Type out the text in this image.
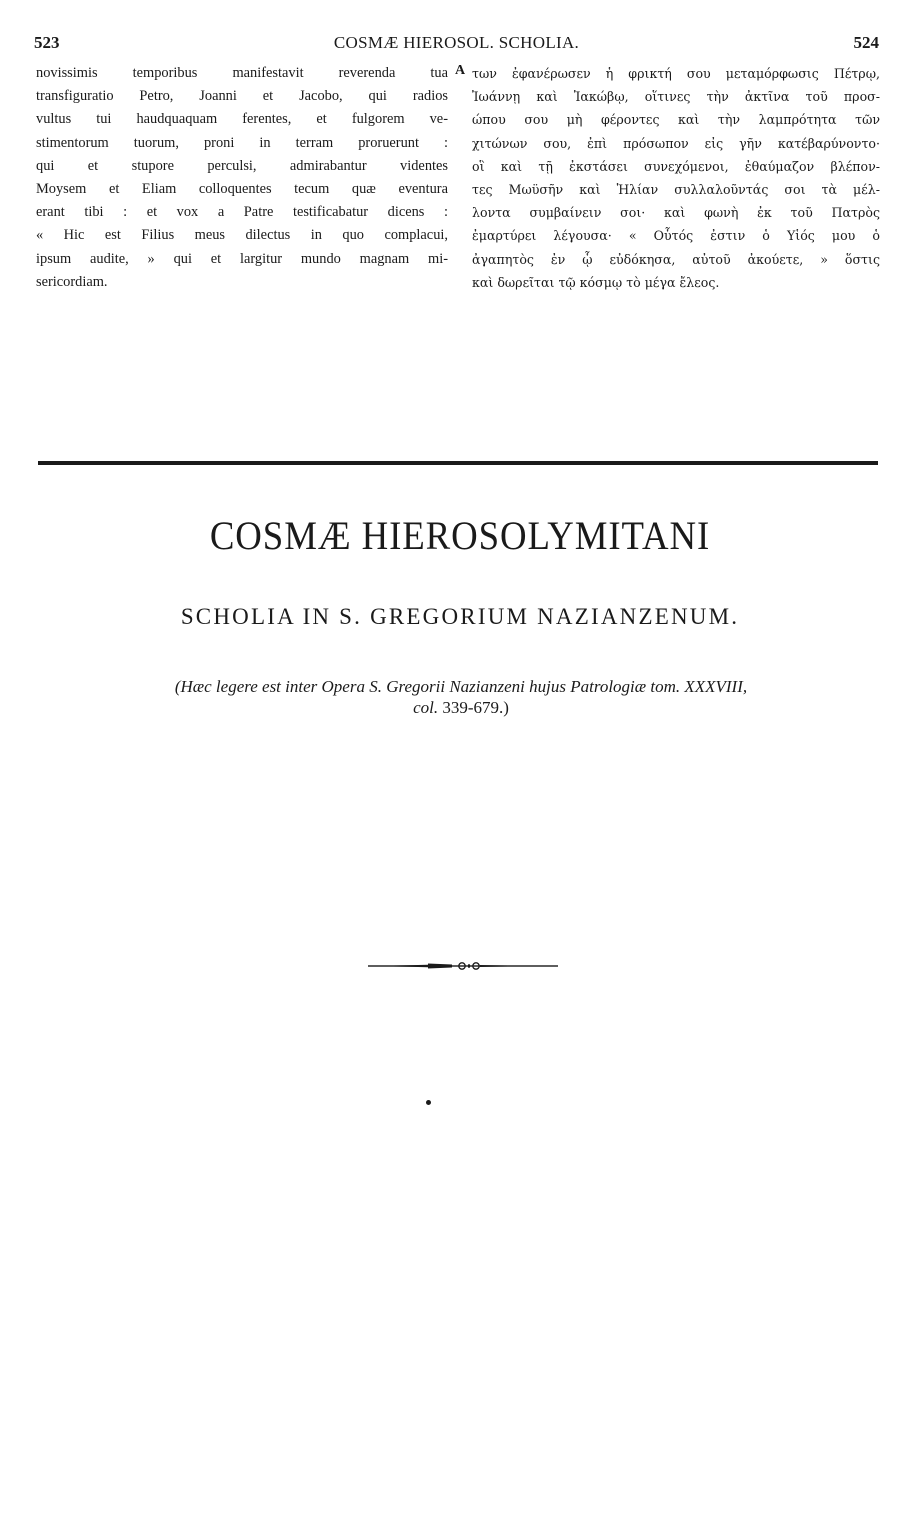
523	COSMÆ HIEROSOL. SCHOLIA.	524
novissimis temporibus manifestavit reverenda tua
transfiguratio Petro, Joanni et Jacobo, qui radios
vultus tui haudquaquam ferentes, et fulgorem ve-
stimentorum tuorum, proni in terram proruerunt :
qui et stupore perculsi, admirabantur videntes
Moysem et Eliam colloquentes tecum quæ eventura
erant tibi : et vox a Patre testificabatur dicens :
« Hic est Filius meus dilectus in quo complacui,
ipsum audite, » qui et largitur mundo magnam mi-
sericordiam.
A των ἐφανέρωσεν ἡ φρικτή σου μεταμόρφωσις Πέτρῳ,
Ἰωάννῃ καὶ Ἰακώβῳ, οἵτινες τὴν ἀκτῖνα τοῦ προσ-
ώπου σου μὴ φέροντες καὶ τὴν λαμπρότητα τῶν
χιτώνων σου, ἐπὶ πρόσωπον εἰς γῆν κατέβαρύνοντο·
οἳ καὶ τῇ ἐκστάσει συνεχόμενοι, ἐθαύμαζον βλέπον-
τες Μωϋσῆν καὶ Ἠλίαν συλλαλοῦντάς σοι τὰ μέλ-
λοντα συμβαίνειν σοι· καὶ φωνὴ ἐκ τοῦ Πατρὸς
ἐμαρτύρει λέγουσα· « Οὗτός ἐστιν ὁ Υἱός μου ὁ
ἀγαπητὸς ἐν ᾧ εὐδόκησα, αὐτοῦ ἀκούετε, » ὅστις
καὶ δωρεῖται τῷ κόσμῳ τὸ μέγα ἔλεος.
COSMÆ HIEROSOLYMITANI
SCHOLIA IN S. GREGORIUM NAZIANZENUM.
(Hæc legere est inter Opera S. Gregorii Nazianzeni hujus Patrologiæ tom. XXXVIII,
col. 339-679.)
